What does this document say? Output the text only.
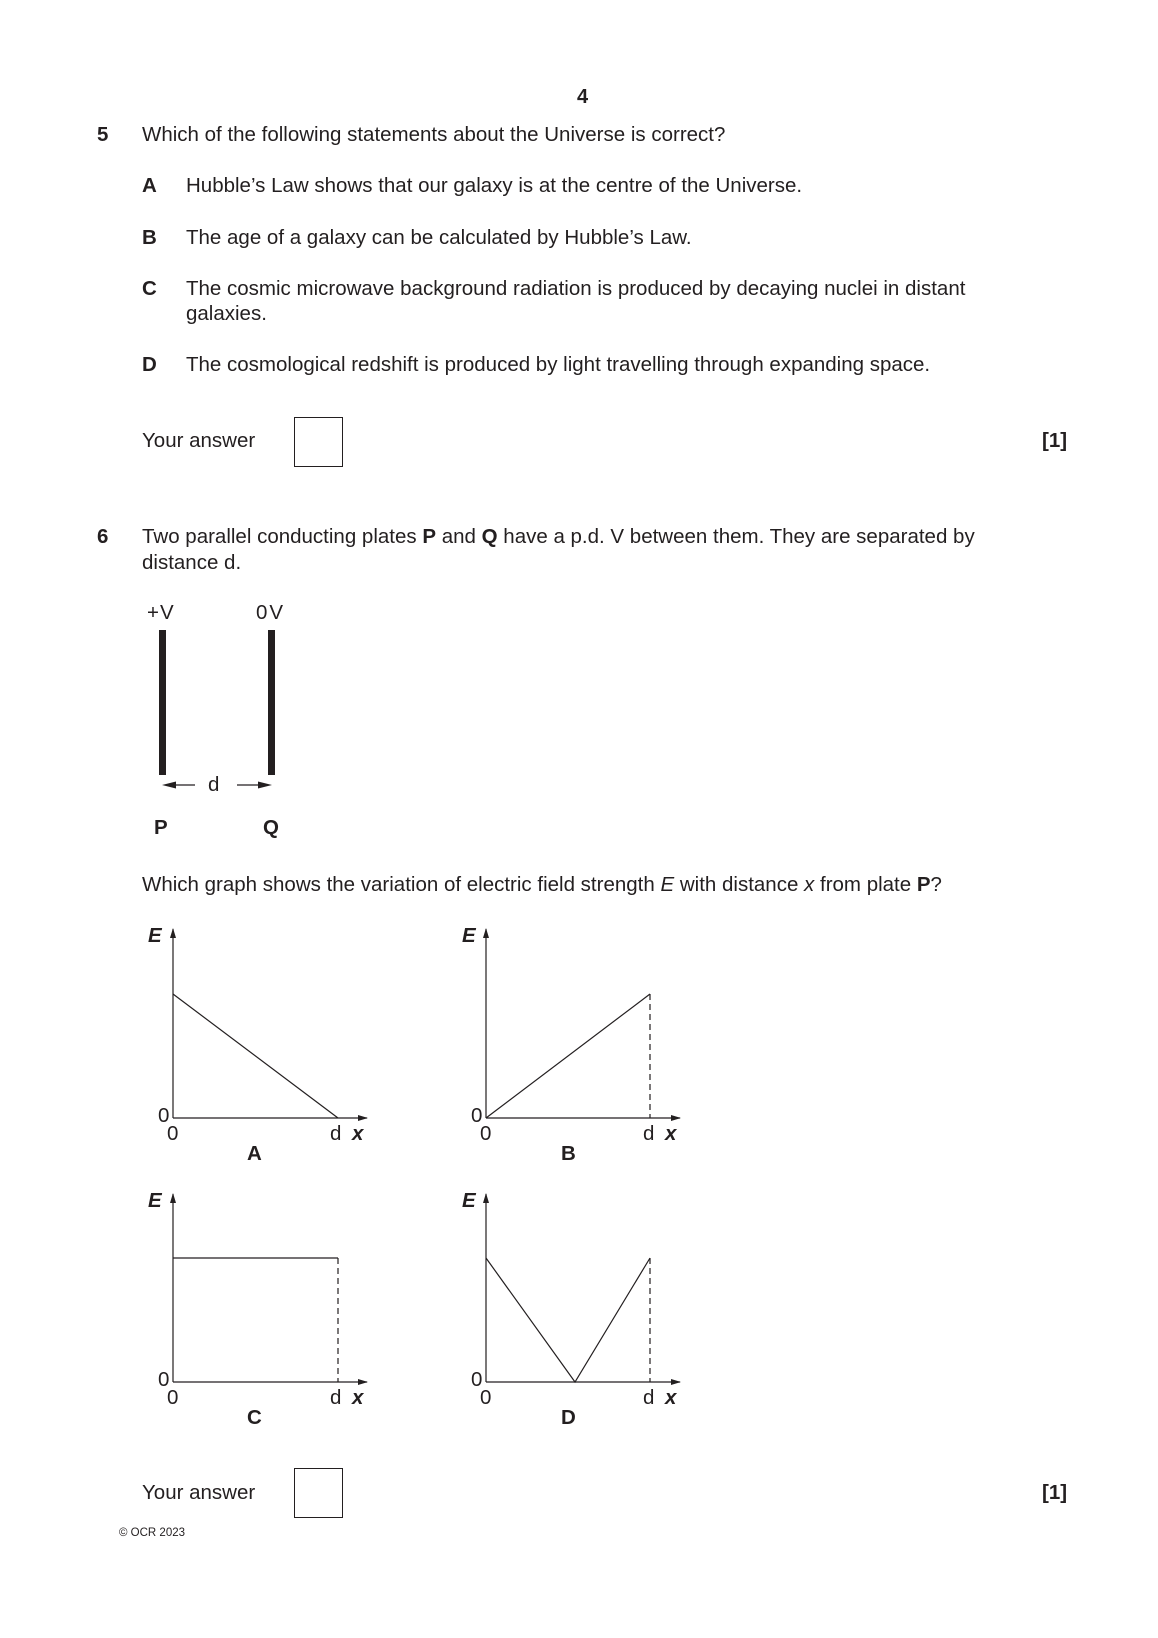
4
5 Which of the following statements about the Universe is correct?
A Hubble’s Law shows that our galaxy is at the centre of the Universe.
B The age of a galaxy can be calculated by Hubble’s Law.
C The cosmic microwave background radiation is produced by decaying nuclei in distant
galaxies.
D The cosmological redshift is produced by light travelling through expanding space.
Your answer	[1]
6 Two parallel conducting plates P and Q have a p.d. V between them. They are separated by
distance d.
+V	0V
d
P	Q
Which graph shows the variation of electric field strength E with distance x from plate P?
E
0
0	d x
A
E
0
0	d x
B
E
0
0	d x
C
E
0
0	d x
D
Your answer	[1]
© OCR 2023
